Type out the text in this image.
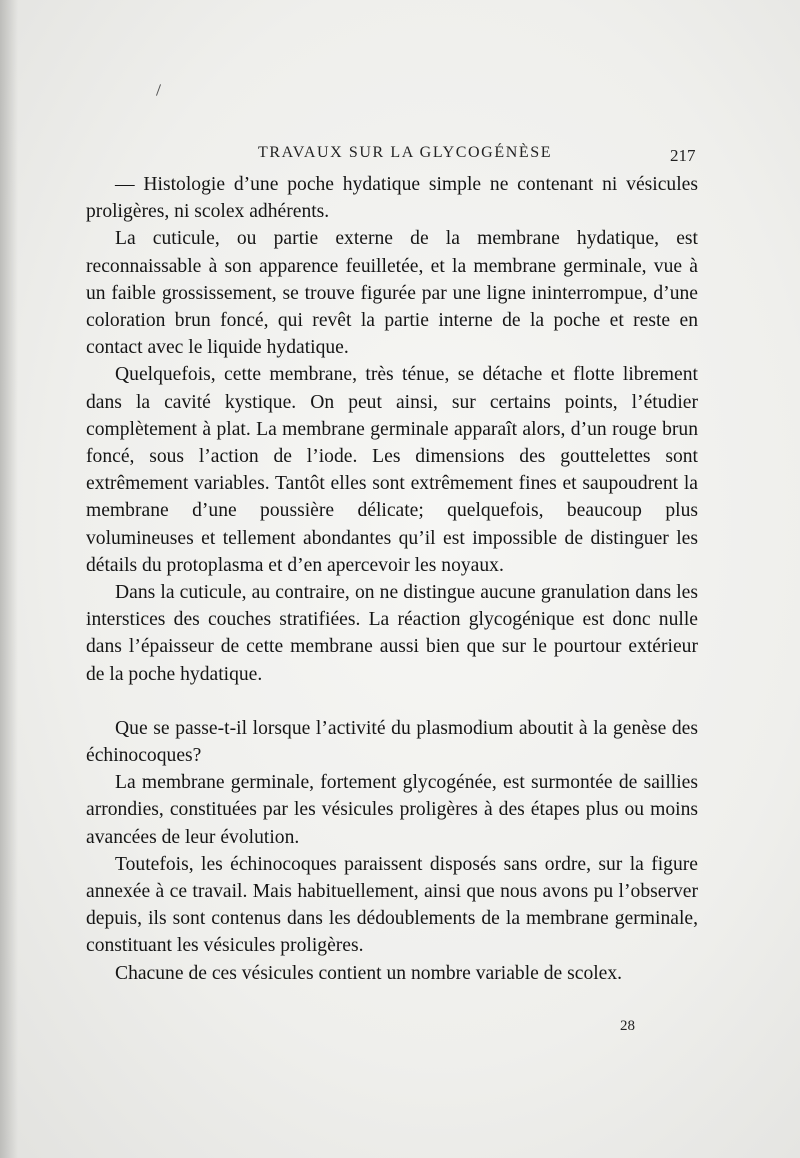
TRAVAUX SUR LA GLYCOGÉNÈSE	217

— Histologie d’une poche hydatique simple ne contenant ni vésicules proligères, ni scolex adhérents.

La cuticule, ou partie externe de la membrane hydatique, est reconnaissable à son apparence feuilletée, et la membrane germinale, vue à un faible grossissement, se trouve figurée par une ligne ininterrompue, d’une coloration brun foncé, qui revêt la partie interne de la poche et reste en contact avec le liquide hydatique.

Quelquefois, cette membrane, très ténue, se détache et flotte librement dans la cavité kystique. On peut ainsi, sur certains points, l’étudier complètement à plat. La membrane germinale apparaît alors, d’un rouge brun foncé, sous l’action de l’iode. Les dimensions des gouttelettes sont extrêmement variables. Tantôt elles sont extrêmement fines et saupoudrent la membrane d’une poussière délicate; quelquefois, beaucoup plus volumineuses et tellement abondantes qu’il est impossible de distinguer les détails du protoplasma et d’en apercevoir les noyaux.

Dans la cuticule, au contraire, on ne distingue aucune granulation dans les interstices des couches stratifiées. La réaction glycogénique est donc nulle dans l’épaisseur de cette membrane aussi bien que sur le pourtour extérieur de la poche hydatique.

Que se passe-t-il lorsque l’activité du plasmodium aboutit à la genèse des échinocoques?

La membrane germinale, fortement glycogénée, est surmontée de saillies arrondies, constituées par les vésicules proligères à des étapes plus ou moins avancées de leur évolution.

Toutefois, les échinocoques paraissent disposés sans ordre, sur la figure annexée à ce travail. Mais habituellement, ainsi que nous avons pu l’observer depuis, ils sont contenus dans les dédoublements de la membrane germinale, constituant les vésicules proligères.

Chacune de ces vésicules contient un nombre variable de scolex.

28
